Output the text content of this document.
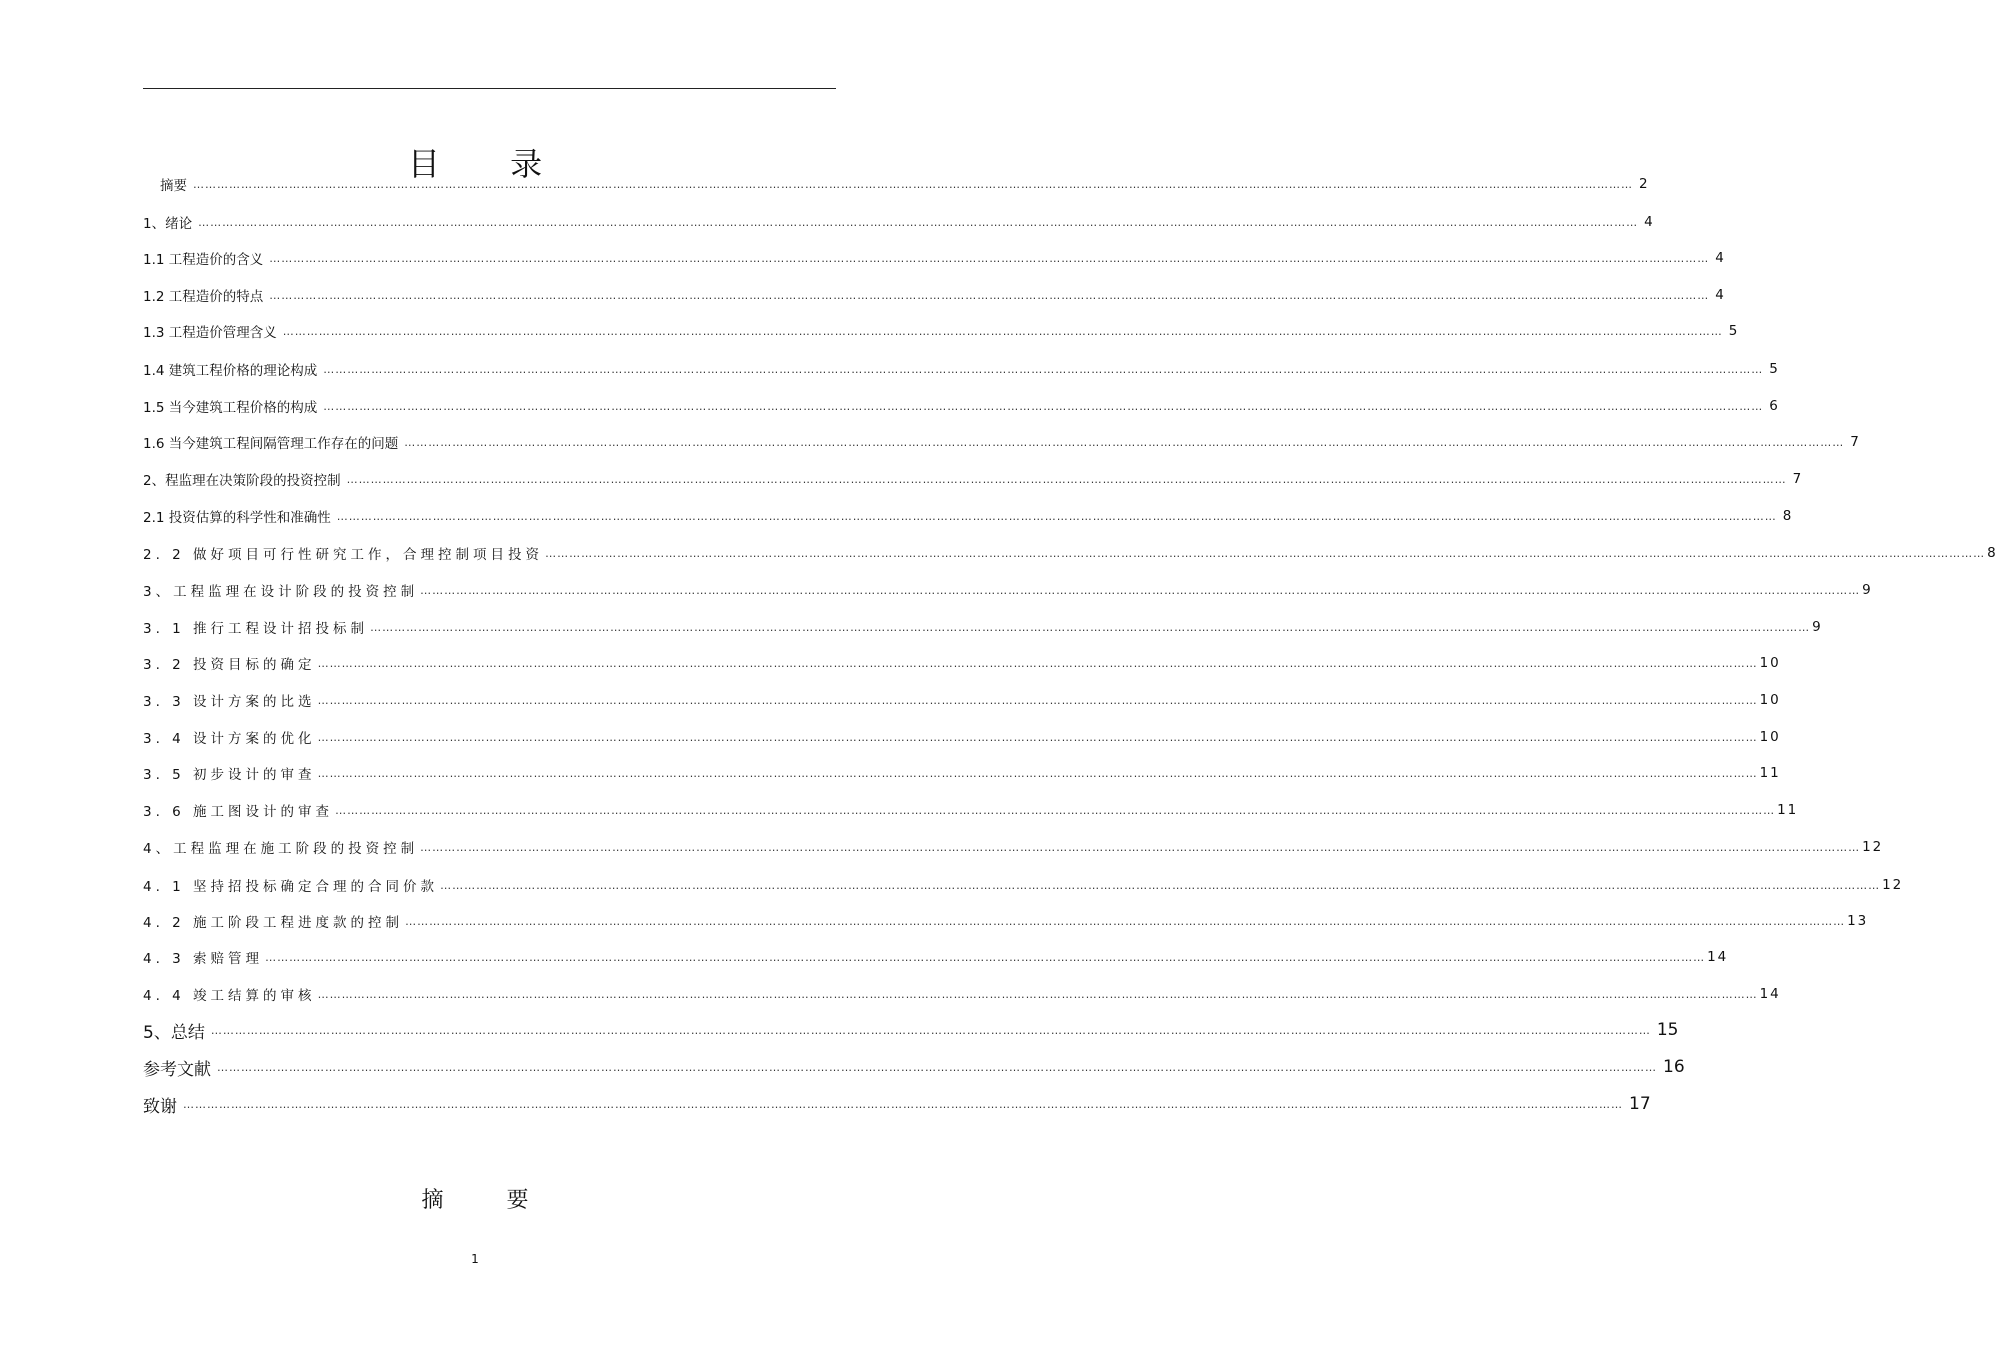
目 录
摘要 ……………………………………………………………………………………………………………………………………………………………………………………………………………………………………………………………………………………………………………………………… 2
1、绪论 ……………………………………………………………………………………………………………………………………………………………………………………………………………………………………………………………………………………………………………………………… 4
1.1 工程造价的含义 ……………………………………………………………………………………………………………………………………………………………………………………………………………………………………………………………………………………………………………………………… 4
1.2 工程造价的特点 ……………………………………………………………………………………………………………………………………………………………………………………………………………………………………………………………………………………………………………………………… 4
1.3 工程造价管理含义 ……………………………………………………………………………………………………………………………………………………………………………………………………………………………………………………………………………………………………………………………… 5
1.4 建筑工程价格的理论构成 ……………………………………………………………………………………………………………………………………………………………………………………………………………………………………………………………………………………………………………………………… 5
1.5 当今建筑工程价格的构成 ……………………………………………………………………………………………………………………………………………………………………………………………………………………………………………………………………………………………………………………………… 6
1.6 当今建筑工程间隔管理工作存在的问题 ……………………………………………………………………………………………………………………………………………………………………………………………………………………………………………………………………………………………………………………………… 7
2、程监理在决策阶段的投资控制 ……………………………………………………………………………………………………………………………………………………………………………………………………………………………………………………………………………………………………………………………… 7
2.1 投资估算的科学性和准确性 ……………………………………………………………………………………………………………………………………………………………………………………………………………………………………………………………………………………………………………………………… 8
2. 2 做好项目可行性研究工作，合理控制项目投资 ……………………………………………………………………………………………………………………………………………………………………………………………………………………………………………………………………………………………………………………………… 8
3、工程监理在设计阶段的投资控制 ……………………………………………………………………………………………………………………………………………………………………………………………………………………………………………………………………………………………………………………………… 9
3. 1 推行工程设计招投标制 ……………………………………………………………………………………………………………………………………………………………………………………………………………………………………………………………………………………………………………………………… 9
3. 2 投资目标的确定 ……………………………………………………………………………………………………………………………………………………………………………………………………………………………………………………………………………………………………………………………… 10
3. 3 设计方案的比选 ……………………………………………………………………………………………………………………………………………………………………………………………………………………………………………………………………………………………………………………………… 10
3. 4 设计方案的优化 ……………………………………………………………………………………………………………………………………………………………………………………………………………………………………………………………………………………………………………………………… 10
3. 5 初步设计的审查 ……………………………………………………………………………………………………………………………………………………………………………………………………………………………………………………………………………………………………………………………… 11
3. 6 施工图设计的审查 ……………………………………………………………………………………………………………………………………………………………………………………………………………………………………………………………………………………………………………………………… 11
4、工程监理在施工阶段的投资控制 ……………………………………………………………………………………………………………………………………………………………………………………………………………………………………………………………………………………………………………………………… 12
4. 1 坚持招投标确定合理的合同价款 ……………………………………………………………………………………………………………………………………………………………………………………………………………………………………………………………………………………………………………………………… 12
4. 2 施工阶段工程进度款的控制 ……………………………………………………………………………………………………………………………………………………………………………………………………………………………………………………………………………………………………………………………… 13
4. 3 索赔管理 ……………………………………………………………………………………………………………………………………………………………………………………………………………………………………………………………………………………………………………………………… 14
4. 4 竣工结算的审核 ……………………………………………………………………………………………………………………………………………………………………………………………………………………………………………………………………………………………………………………………… 14
5、总结 ……………………………………………………………………………………………………………………………………………………………………………………………………………………………………………………………………………………………………………………………… 15
参考文献 ……………………………………………………………………………………………………………………………………………………………………………………………………………………………………………………………………………………………………………………………… 16
致谢 ……………………………………………………………………………………………………………………………………………………………………………………………………………………………………………………………………………………………………………………………… 17
摘 要
1
